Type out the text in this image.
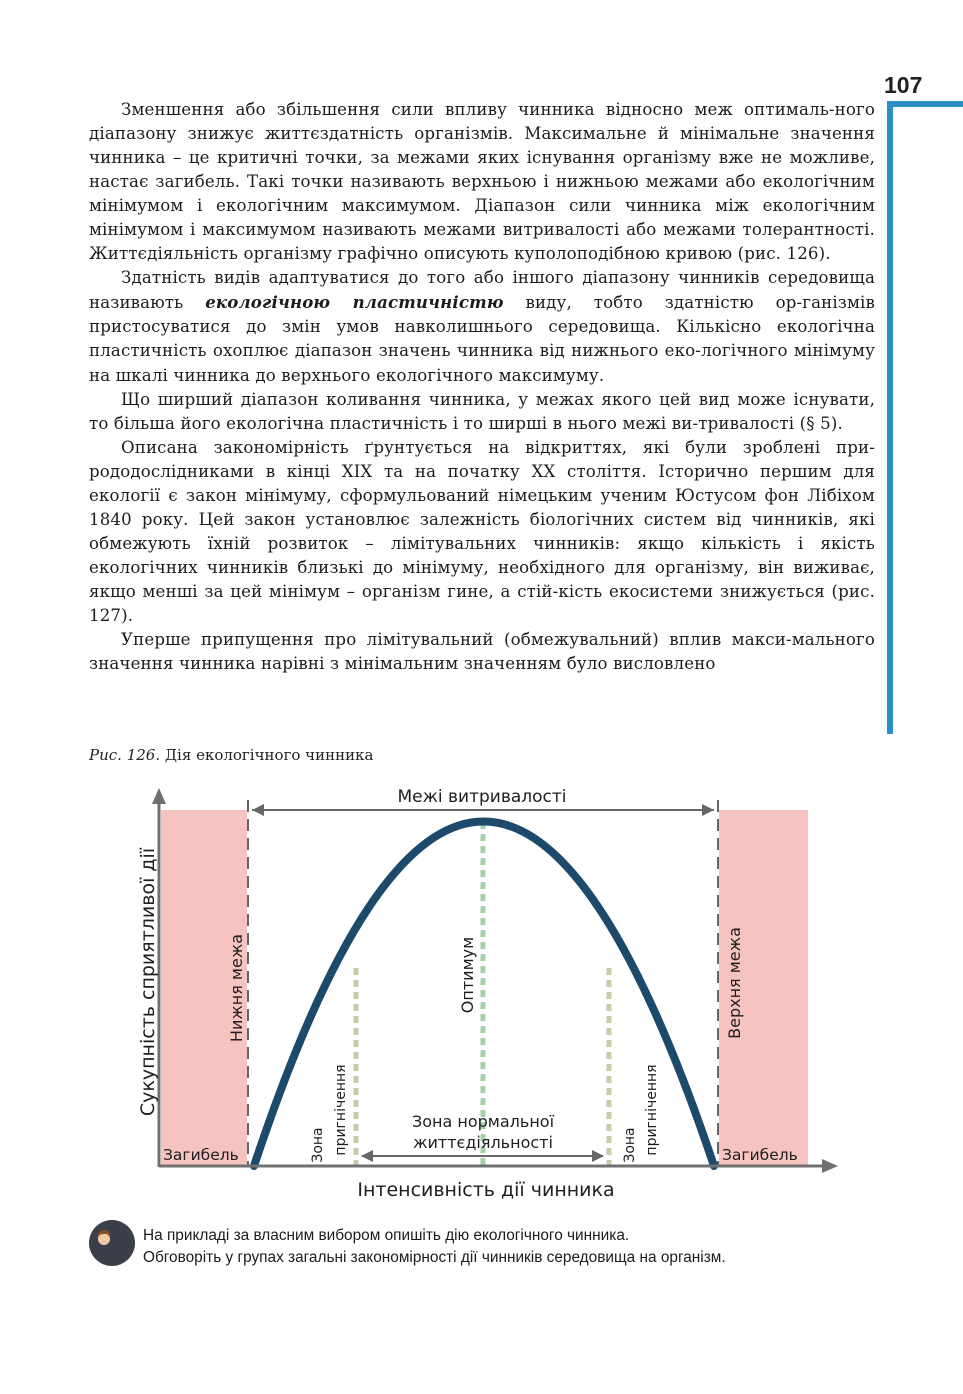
107

Зменшення або збільшення сили впливу чинника відносно меж оптималь-ного діапазону знижує життєздатність організмів. Максимальне й мінімальне значення чинника – це критичні точки, за межами яких існування організму вже не можливе, настає загибель. Такі точки називають верхньою і нижньою межами або екологічним мінімумом і екологічним максимумом. Діапазон сили чинника між екологічним мінімумом і максимумом називають межами витривалості або межами толерантності. Життєдіяльність організму графічно описують куполоподібною кривою (рис. 126).

Здатність видів адаптуватися до того або іншого діапазону чинників середовища називають екологічною пластичністю виду, тобто здатністю ор-ганізмів пристосуватися до змін умов навколишнього середовища. Кількісно екологічна пластичність охоплює діапазон значень чинника від нижнього еко-логічного мінімуму на шкалі чинника до верхнього екологічного максимуму.

Що ширший діапазон коливання чинника, у межах якого цей вид може існувати, то більша його екологічна пластичність і то ширші в нього межі ви-тривалості (§ 5).

Описана закономірність ґрунтується на відкриттях, які були зроблені при-рододослідниками в кінці XIX та на початку XX століття. Історично першим для екології є закон мінімуму, сформульований німецьким ученим Юстусом фон Лібіхом 1840 року. Цей закон установлює залежність біологічних систем від чинників, які обмежують їхній розвиток – лімітувальних чинників: якщо кількість і якість екологічних чинників близькі до мінімуму, необхідного для організму, він виживає, якщо менші за цей мінімум – організм гине, а стій-кість екосистеми знижується (рис. 127).

Уперше припущення про лімітувальний (обмежувальний) вплив макси-мального значення чинника нарівні з мінімальним значенням було висловлено

Рис. 126. Дія екологічного чинника
Межі витривалості
Інтенсивність дії чинника
Сукупність сприятливої дії	Нижня межа	Верхня межа
Оптимум
Загибель	Загибель
Зона пригнічення	Зона пригнічення
Зона нормальної
життєдіяльності
На прикладі за власним вибором опишіть дію екологічного чинника.
Обговоріть у групах загальні закономірності дії чинників середовища на організм.
